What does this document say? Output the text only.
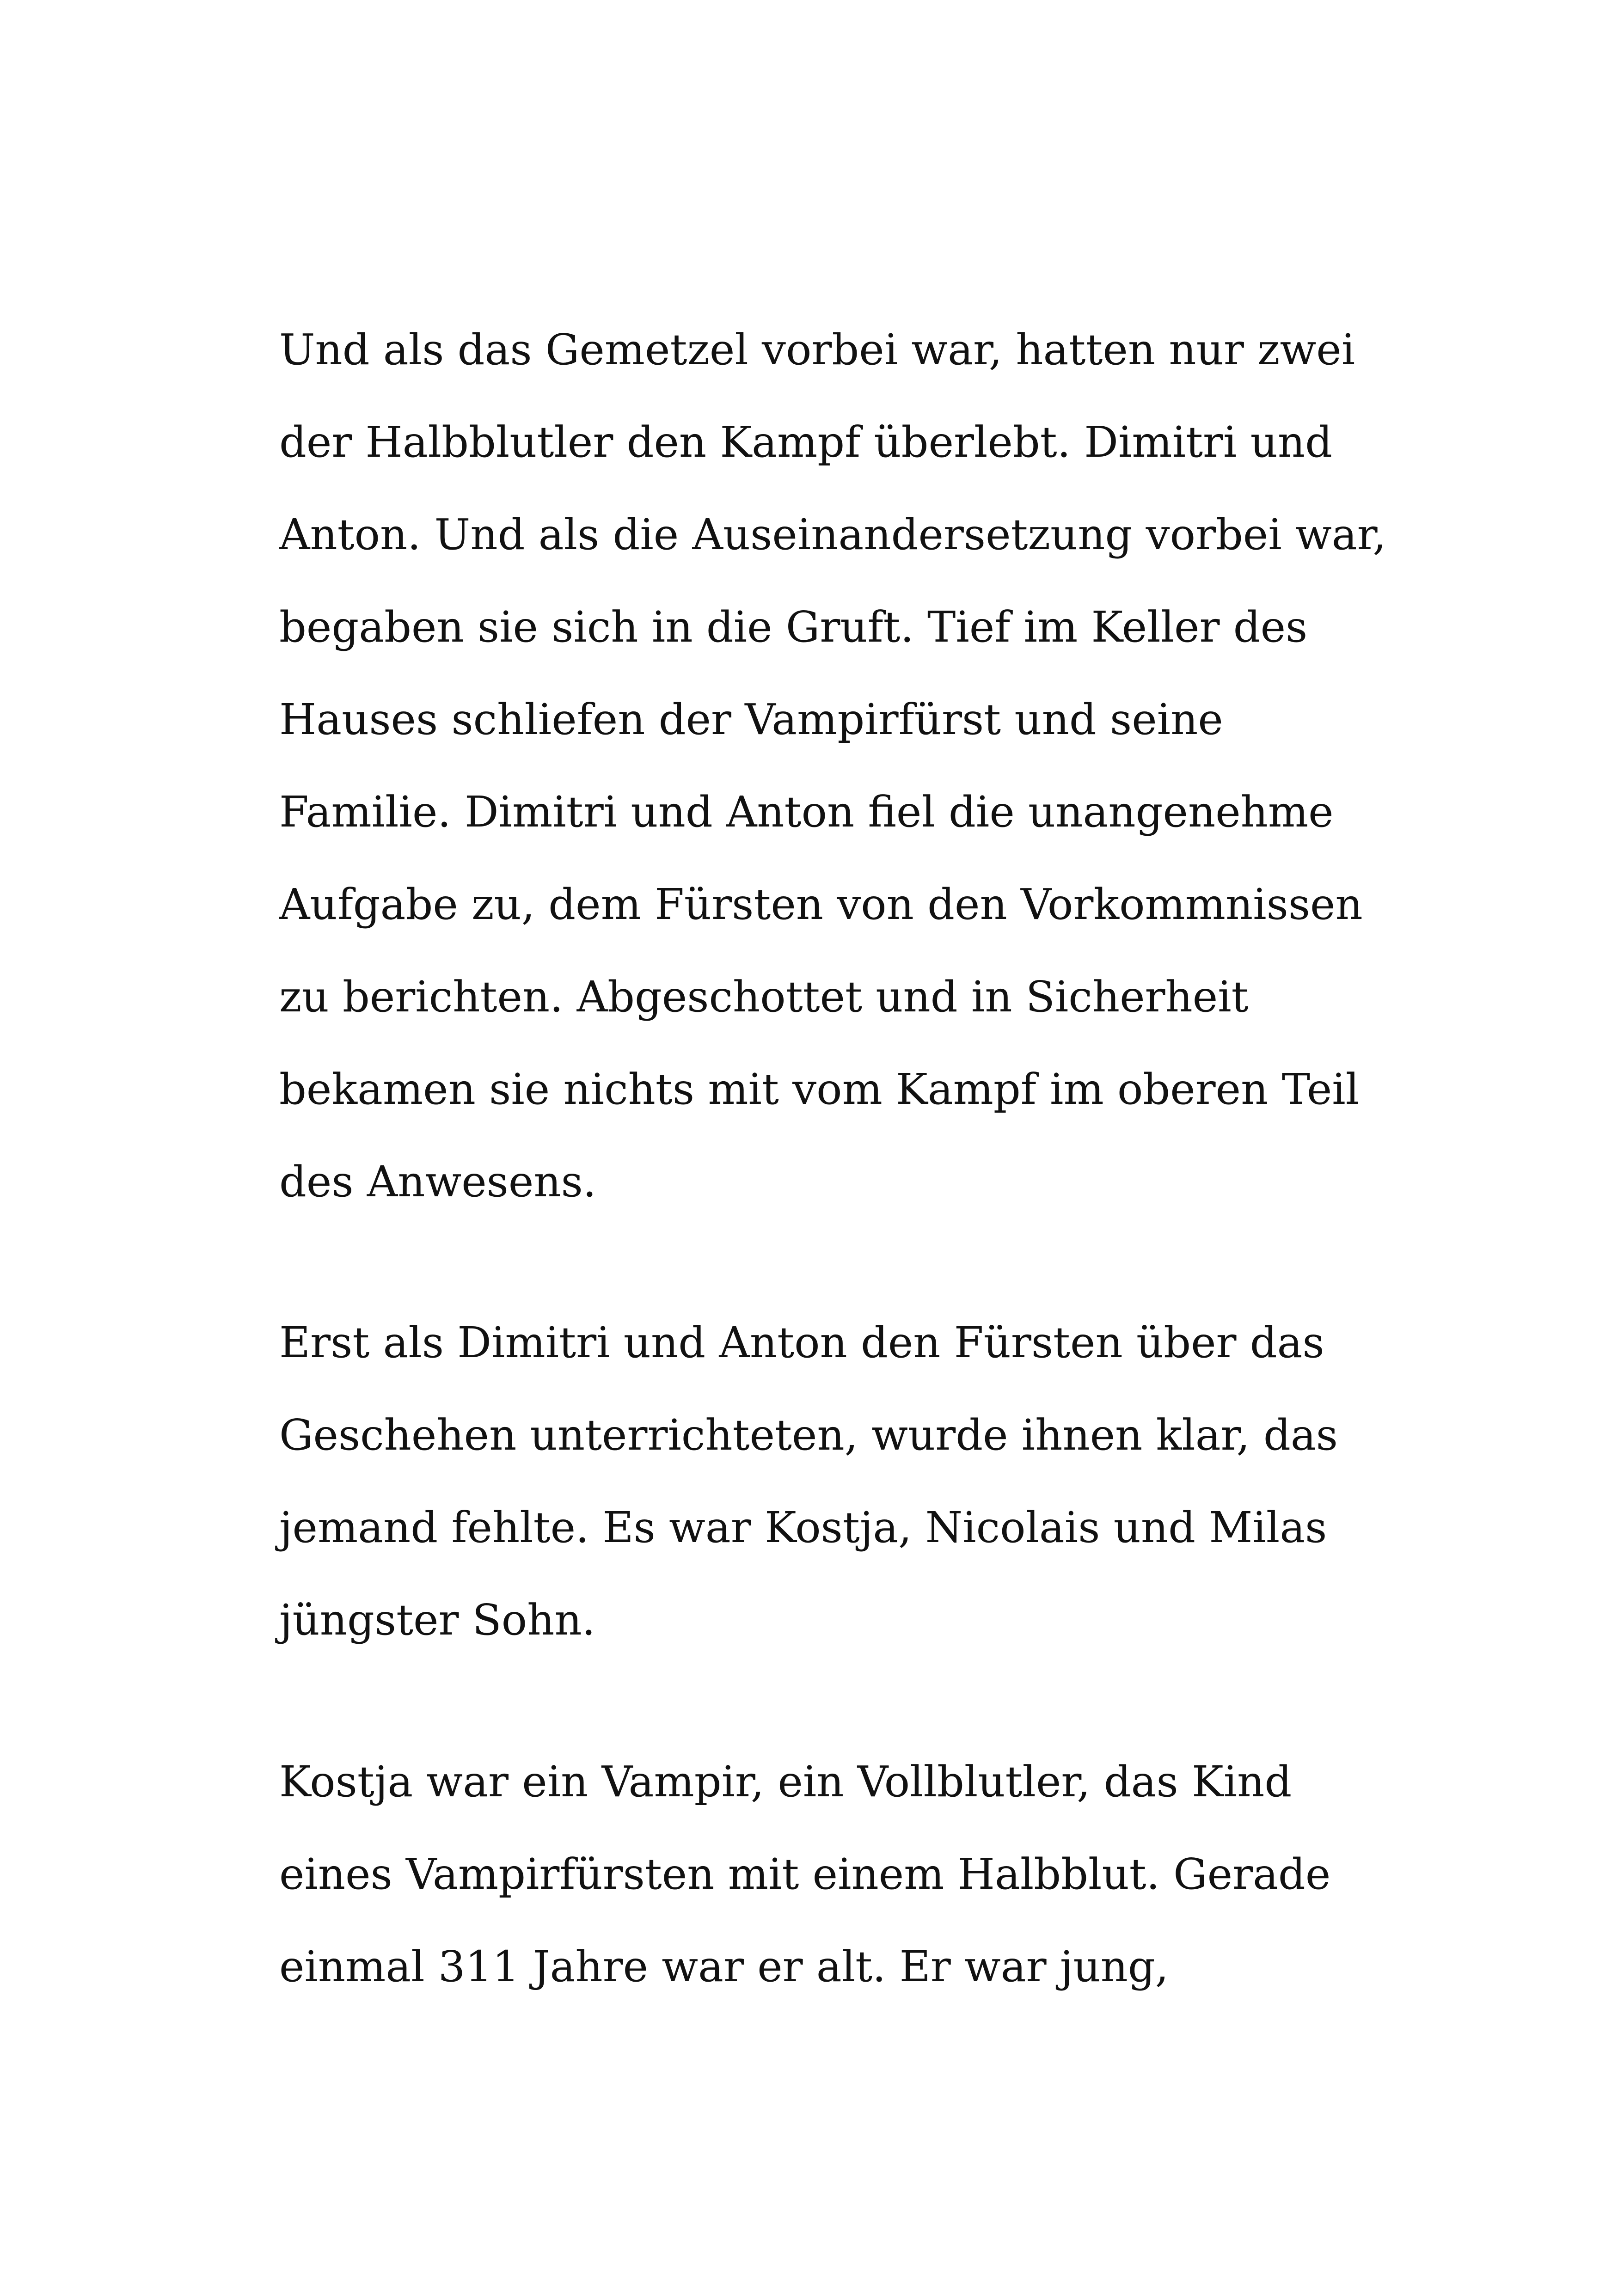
Und als das Gemetzel vorbei war, hatten nur zwei
der Halbblutler den Kampf überlebt. Dimitri und
Anton. Und als die Auseinandersetzung vorbei war,
begaben sie sich in die Gruft. Tief im Keller des
Hauses schliefen der Vampirfürst und seine
Familie. Dimitri und Anton fiel die unangenehme
Aufgabe zu, dem Fürsten von den Vorkommnissen
zu berichten. Abgeschottet und in Sicherheit
bekamen sie nichts mit vom Kampf im oberen Teil
des Anwesens.
Erst als Dimitri und Anton den Fürsten über das
Geschehen unterrichteten, wurde ihnen klar, das
jemand fehlte. Es war Kostja, Nicolais und Milas
jüngster Sohn.
Kostja war ein Vampir, ein Vollblutler, das Kind
eines Vampirfürsten mit einem Halbblut. Gerade
einmal 311 Jahre war er alt. Er war jung,
